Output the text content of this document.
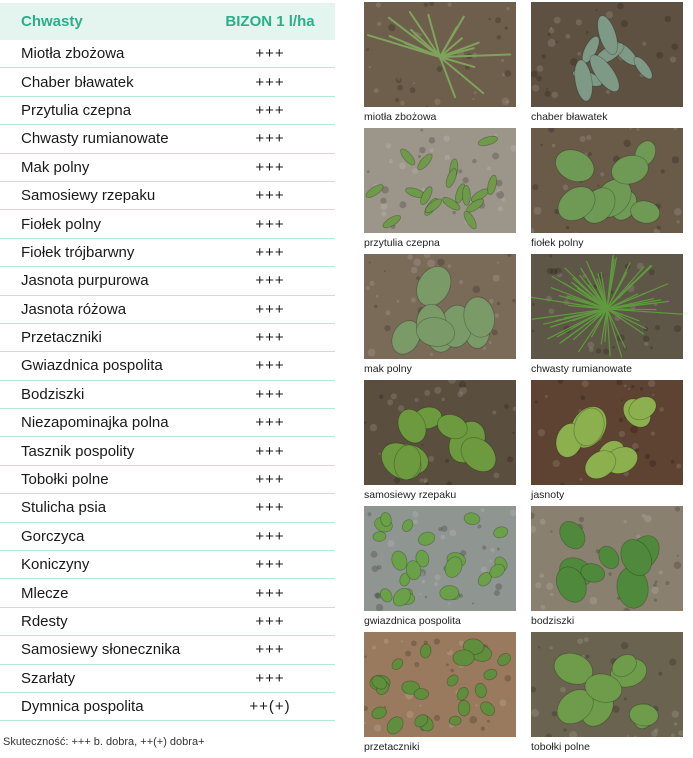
Chwasty	BIZON 1 l/ha
Miotła zbożowa	+++
Chaber bławatek	+++
Przytulia czepna	+++
Chwasty rumianowate	+++
Mak polny	+++
Samosiewy rzepaku	+++
Fiołek polny	+++
Fiołek trójbarwny	+++
Jasnota purpurowa	+++
Jasnota różowa	+++
Przetaczniki	+++
Gwiazdnica pospolita	+++
Bodziszki	+++
Niezapominajka polna	+++
Tasznik pospolity	+++
Tobołki polne	+++
Stulicha psia	+++
Gorczyca	+++
Koniczyny	+++
Mlecze	+++
Rdesty	+++
Samosiewy słonecznika	+++
Szarłaty	+++
Dymnica pospolita	++(+)
Skuteczność: +++ b. dobra, ++(+) dobra+
miotła zbożowa	chaber bławatek
przytulia czepna	fiołek polny
mak polny	chwasty rumianowate
samosiewy rzepaku	jasnoty
gwiazdnica pospolita	bodziszki
przetaczniki	tobołki polne
